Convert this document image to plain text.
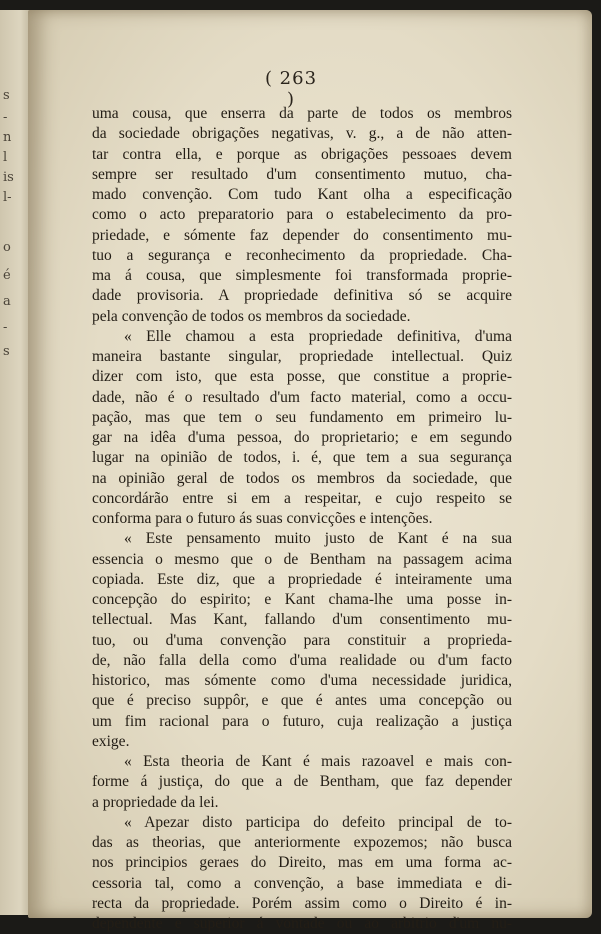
s
-
n
l
is
l-
o
é
a
-
s
( 263 )
uma cousa, que enserra da parte de todos os membros
da sociedade obrigações negativas, v. g., a de não atten-
tar contra ella, e porque as obrigações pessoaes devem
sempre ser resultado d'um consentimento mutuo, cha-
mado convenção. Com tudo Kant olha a especificação
como o acto preparatorio para o estabelecimento da pro-
priedade, e sómente faz depender do consentimento mu-
tuo a segurança e reconhecimento da propriedade. Cha-
ma á cousa, que simplesmente foi transformada proprie-
dade provisoria. A propriedade definitiva só se acquire
pela convenção de todos os membros da sociedade.
« Elle chamou a esta propriedade definitiva, d'uma
maneira bastante singular, propriedade intellectual. Quiz
dizer com isto, que esta posse, que constitue a proprie-
dade, não é o resultado d'um facto material, como a occu-
pação, mas que tem o seu fundamento em primeiro lu-
gar na idêa d'uma pessoa, do proprietario; e em segundo
lugar na opinião de todos, i. é, que tem a sua segurança
na opinião geral de todos os membros da sociedade, que
concordárão entre si em a respeitar, e cujo respeito se
conforma para o futuro ás suas convicções e intenções.
« Este pensamento muito justo de Kant é na sua
essencia o mesmo que o de Bentham na passagem acima
copiada. Este diz, que a propriedade é inteiramente uma
concepção do espirito; e Kant chama-lhe uma posse in-
tellectual. Mas Kant, fallando d'um consentimento mu-
tuo, ou d'uma convenção para constituir a proprieda-
de, não falla della como d'uma realidade ou d'um facto
historico, mas sómente como d'uma necessidade juridica,
que é preciso suppôr, e que é antes uma concepção ou
um fim racional para o futuro, cuja realização a justiça
exige.
« Esta theoria de Kant é mais razoavel e mais con-
forme á justiça, do que a de Bentham, que faz depender
a propriedade da lei.
« Apezar disto participa do defeito principal de to-
das as theorias, que anteriormente expozemos; não busca
nos principios geraes do Direito, mas em uma forma ac-
cessoria tal, como a convenção, a base immediata e di-
recta da propriedade. Porém assim como o Direito é in-
dependente e superior á vontade ou ao arbitrio d'um nu-
